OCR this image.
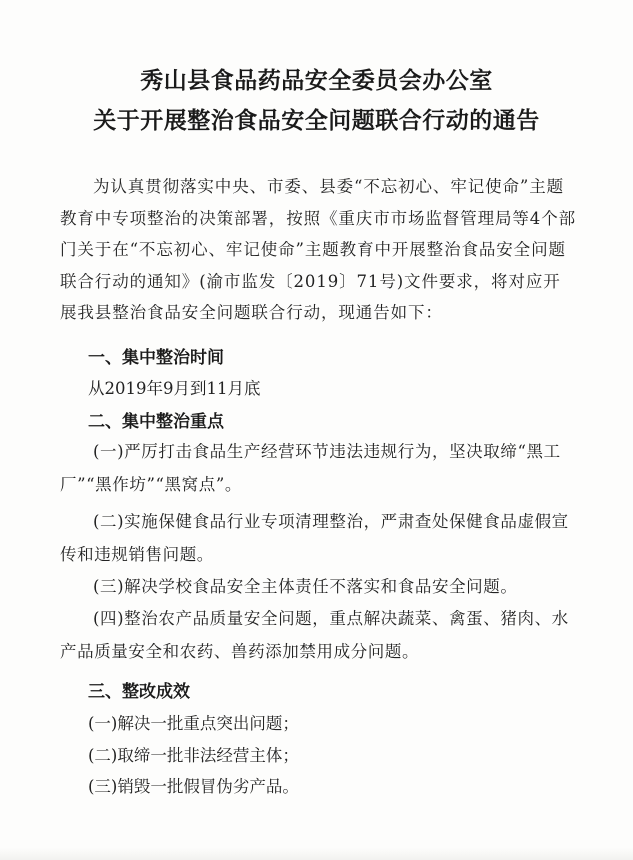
秀山县食品药品安全委员会办公室
关于开展整治食品安全问题联合行动的通告

为认真贯彻落实中央、市委、县委“不忘初心、牢记使命”主题教育中专项整治的决策部署，按照《重庆市市场监督管理局等4个部门关于在“不忘初心、牢记使命”主题教育中开展整治食品安全问题联合行动的通知》(渝市监发〔2019〕71号)文件要求，将对应开展我县整治食品安全问题联合行动，现通告如下：

一、集中整治时间
从2019年9月到11月底
二、集中整治重点

(一)严厉打击食品生产经营环节违法违规行为，坚决取缔“黑工厂”“黑作坊”“黑窝点”。

(二)实施保健食品行业专项清理整治，严肃查处保健食品虚假宣传和违规销售问题。

(三)解决学校食品安全主体责任不落实和食品安全问题。

(四)整治农产品质量安全问题，重点解决蔬菜、禽蛋、猪肉、水产品质量安全和农药、兽药添加禁用成分问题。

三、整改成效
(一)解决一批重点突出问题；
(二)取缔一批非法经营主体；
(三)销毁一批假冒伪劣产品。
